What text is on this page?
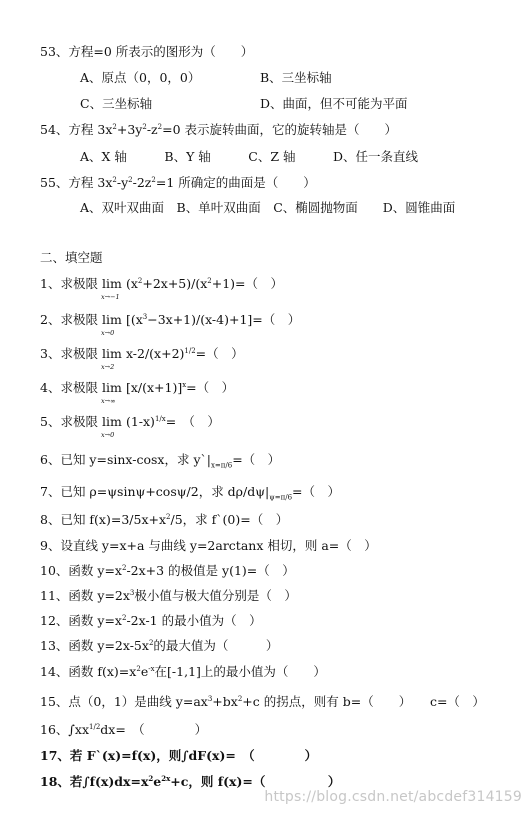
53、方程=0 所表示的图形为（　　）
A、原点（0，0，0）	B、三坐标轴
C、三坐标轴	D、曲面，但不可能为平面
54、方程 $3x^2+3y^2-z^2=0$ 表示旋转曲面，它的旋转轴是（　　）
A、X 轴　　　B、Y 轴　　　C、Z 轴　　　D、任一条直线
55、方程 $3x^2-y^2-2z^2=1$ 所确定的曲面是（　　）
A、双叶双曲面　B、单叶双曲面　C、椭圆抛物面　　D、圆锥曲面
二、填空题
1、求极限 lim
x→−1
$(x^2+2x+5)/(x^2+1)=$（　）
2、求极限 lim
x→0
$[(x^3-3x+1)/(x-4)+1]=$（　）
3、求极限 lim
x→2
$x-2/(x+2)^{1/2}=$（　）
4、求极限 lim
x→∞
$[x/(x+1)]^x=$（　）
5、求极限 lim
x→0
$(1-x)^{1/x}=$　（　）
6、已知 y=sinx-cosx，求 $y`|_{x=\pi/6}=$（　）
7、已知 ρ=ψsinψ+cosψ/2，求 $d\rho/d\psi|_{\psi=\pi/6}=$（　）
8、已知 $f(x)=3/5x+x^2/5$，求 f`(0)=（　）
9、设直线 y=x+a 与曲线 y=2arctanx 相切，则 a=（　）
10、函数 $y=x^2-2x+3$ 的极值是 y(1)=（　）
11、函数 $y=2x^3$极小值与极大值分别是（　）
12、函数 $y=x^2-2x-1$ 的最小值为（　）
13、函数 $y=2x-5x^2$的最大值为（　　　）
14、函数 $f(x)=x^2e^{-x}$在[-1,1]上的最小值为（　　）
15、点（0，1）是曲线 $y=ax^3+bx^2+c$ 的拐点，则有 b=（　　）　　c=（　）
16、$\int xx^{1/2}dx=$　（　　　　）
17、若 F`(x)=f(x)，则∫dF(x)=　（　　　　）
18、若$\int f(x)dx=x^2e^{2x}+c$，则 f(x)=（　　　　　）
https://blog.csdn.net/abcdef314159
